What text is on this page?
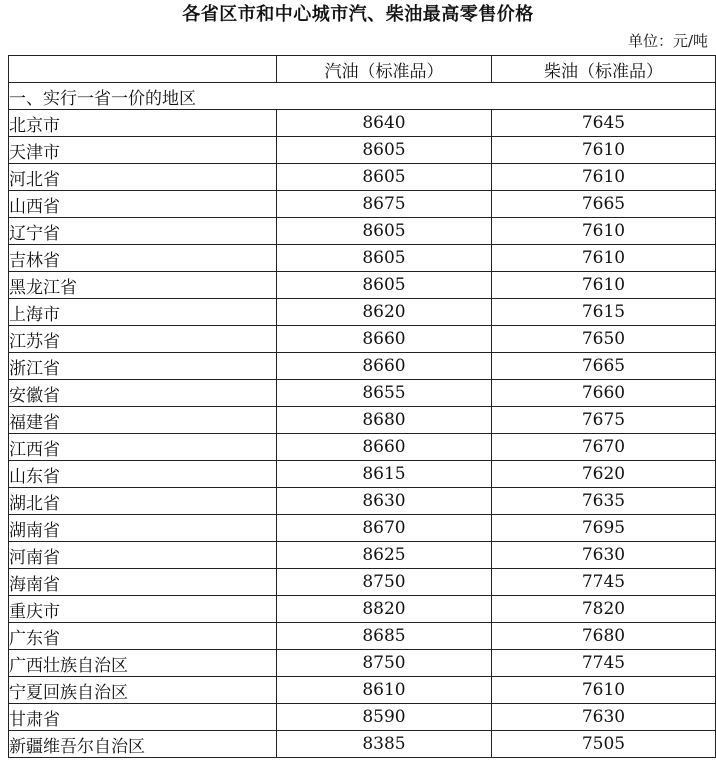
各省区市和中心城市汽、柴油最高零售价格
单位：元/吨
	汽油（标准品）	柴油（标准品）
一、实行一省一价的地区		
北京市	8640	7645
天津市	8605	7610
河北省	8605	7610
山西省	8675	7665
辽宁省	8605	7610
吉林省	8605	7610
黑龙江省	8605	7610
上海市	8620	7615
江苏省	8660	7650
浙江省	8660	7665
安徽省	8655	7660
福建省	8680	7675
江西省	8660	7670
山东省	8615	7620
湖北省	8630	7635
湖南省	8670	7695
河南省	8625	7630
海南省	8750	7745
重庆市	8820	7820
广东省	8685	7680
广西壮族自治区	8750	7745
宁夏回族自治区	8610	7610
甘肃省	8590	7630
新疆维吾尔自治区	8385	7505
